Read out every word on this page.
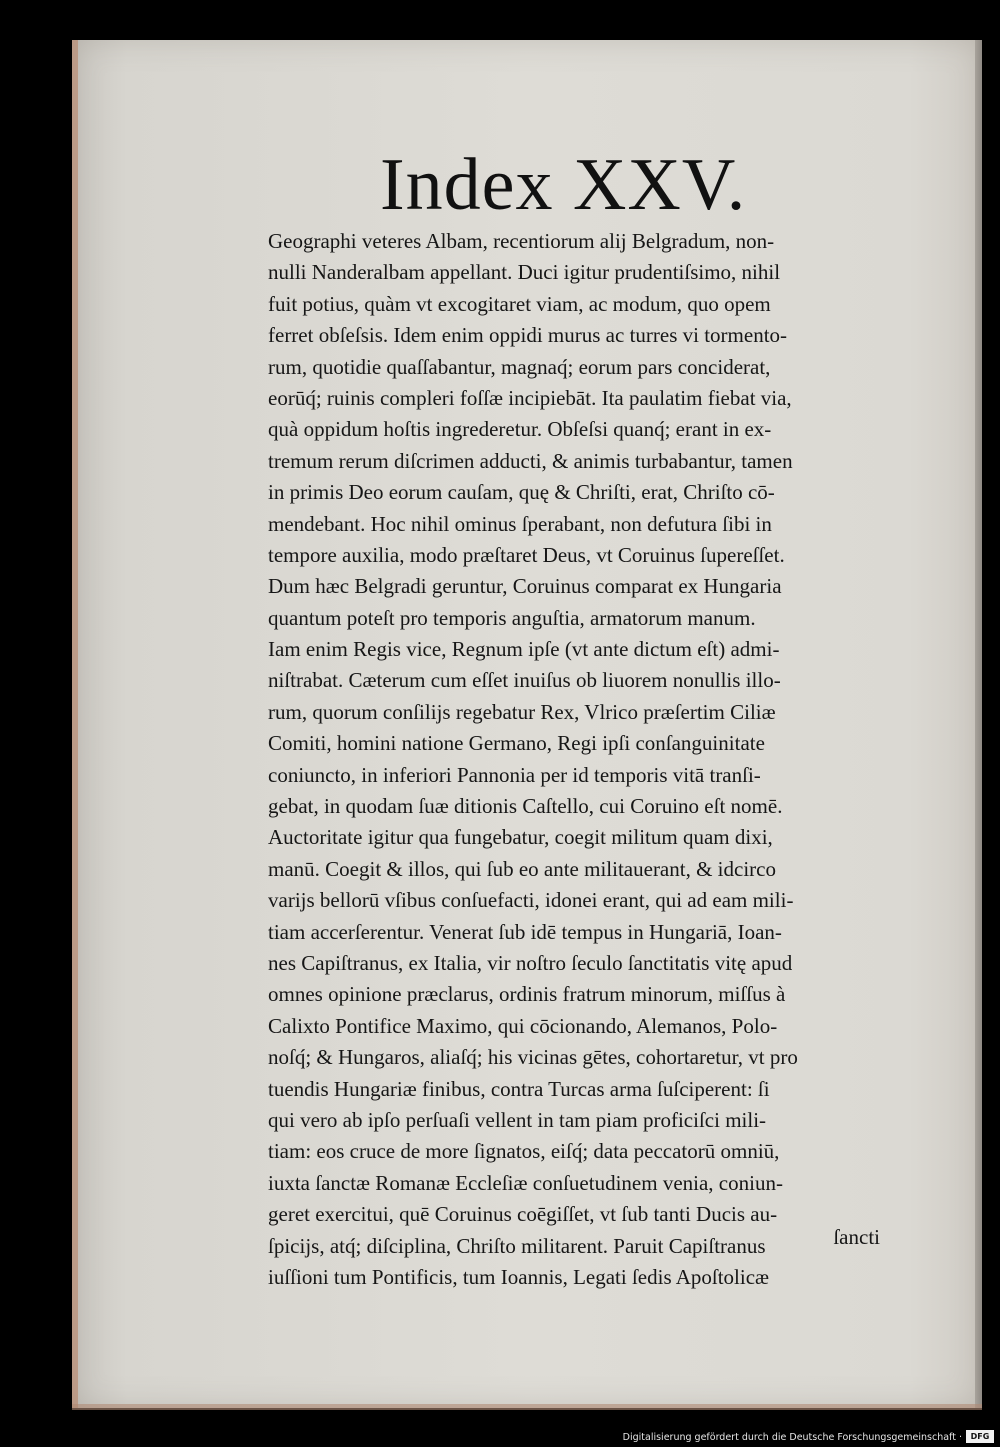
Index XXV.
Geographi veteres Albam, recentiorum alij Belgradum, non-
nulli Nanderalbam appellant. Duci igitur prudentiſsimo, nihil
fuit potius, quàm vt excogitaret viam, ac modum, quo opem
ferret obſeſsis. Idem enim oppidi murus ac turres vi tormento-
rum, quotidie quaſſabantur, magnaq́; eorum pars conciderat,
eorūq́; ruinis compleri foſſæ incipiebāt. Ita paulatim fiebat via,
quà oppidum hoſtis ingrederetur. Obſeſsi quanq́; erant in ex-
tremum rerum diſcrimen adducti, & animis turbabantur, tamen
in primis Deo eorum cauſam, quę & Chriſti, erat, Chriſto cō-
mendebant. Hoc nihil ominus ſperabant, non defutura ſibi in
tempore auxilia, modo præſtaret Deus, vt Coruinus ſupereſſet.
Dum hæc Belgradi geruntur, Coruinus comparat ex Hungaria
quantum poteſt pro temporis anguſtia, armatorum manum.
Iam enim Regis vice, Regnum ipſe (vt ante dictum eſt) admi-
niſtrabat. Cæterum cum eſſet inuiſus ob liuorem nonullis illo-
rum, quorum conſilijs regebatur Rex, Vlrico præſertim Ciliæ
Comiti, homini natione Germano, Regi ipſi conſanguinitate
coniuncto, in inferiori Pannonia per id temporis vitā tranſi-
gebat, in quodam ſuæ ditionis Caſtello, cui Coruino eſt nomē.
Auctoritate igitur qua fungebatur, coegit militum quam dixi,
manū. Coegit & illos, qui ſub eo ante militauerant, & idcirco
varijs bellorū vſibus conſuefacti, idonei erant, qui ad eam mili-
tiam accerſerentur. Venerat ſub idē tempus in Hungariā, Ioan-
nes Capiſtranus, ex Italia, vir noſtro ſeculo ſanctitatis vitę apud
omnes opinione præclarus, ordinis fratrum minorum, miſſus à
Calixto Pontifice Maximo, qui cōcionando, Alemanos, Polo-
noſq́; & Hungaros, aliaſq́; his vicinas gētes, cohortaretur, vt pro
tuendis Hungariæ finibus, contra Turcas arma ſuſciperent: ſi
qui vero ab ipſo perſuaſi vellent in tam piam proficiſci mili-
tiam: eos cruce de more ſignatos, eiſq́; data peccatorū omniū,
iuxta ſanctæ Romanæ Eccleſiæ conſuetudinem venia, coniun-
geret exercitui, quē Coruinus coēgiſſet, vt ſub tanti Ducis au-
ſpicijs, atq́; diſciplina, Chriſto militarent. Paruit Capiſtranus
iuſſioni tum Pontificis, tum Ioannis, Legati ſedis Apoſtolicæ
ſancti
Digitalisierung gefördert durch die Deutsche Forschungsgemeinschaft ·	DFG
